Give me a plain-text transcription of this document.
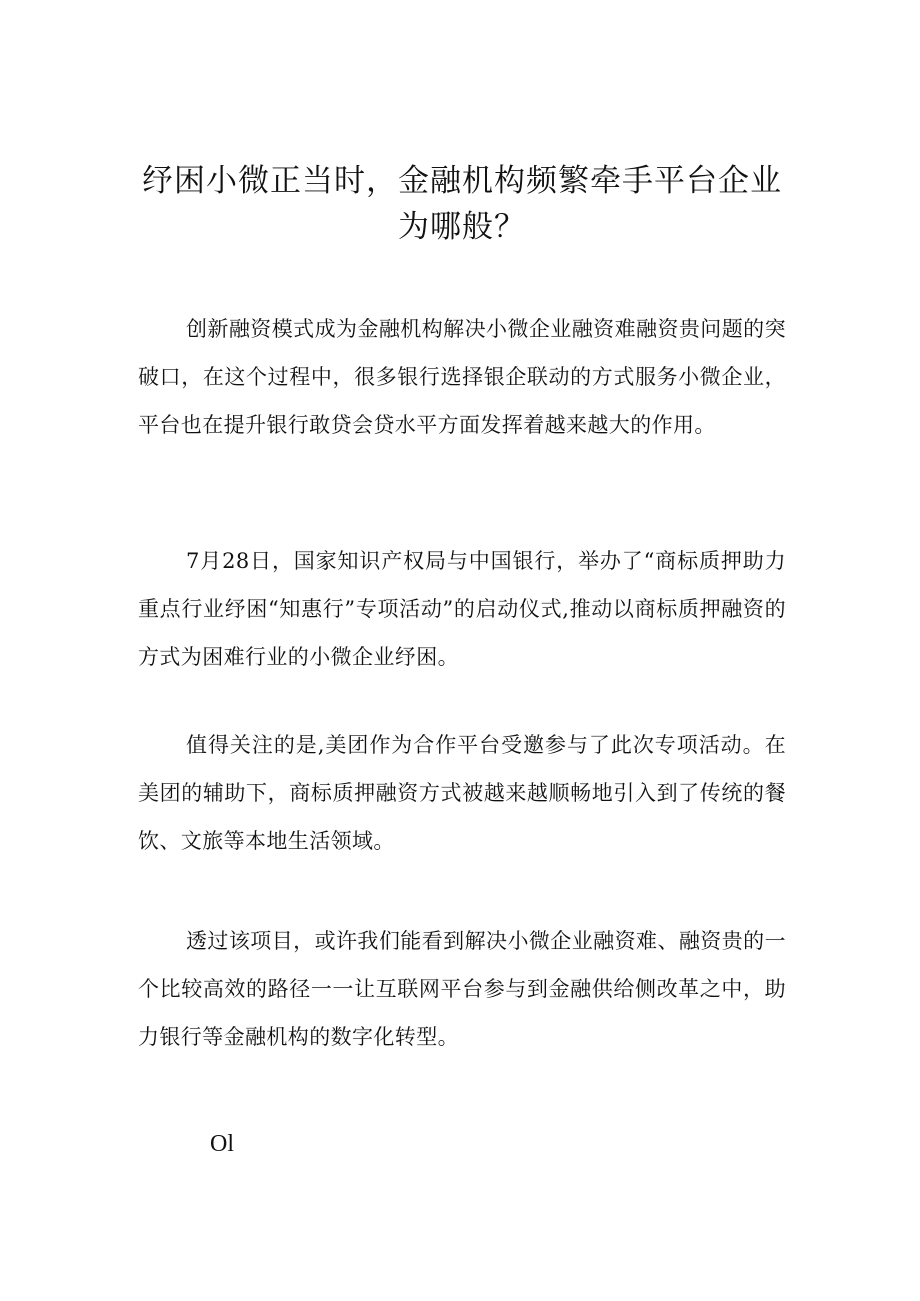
纾困小微正当时，金融机构频繁牵手平台企业为哪般？

创新融资模式成为金融机构解决小微企业融资难融资贵问题的突破口，在这个过程中，很多银行选择银企联动的方式服务小微企业，平台也在提升银行敢贷会贷水平方面发挥着越来越大的作用。

7月28日，国家知识产权局与中国银行，举办了“商标质押助力重点行业纾困“知惠行”专项活动”的启动仪式,推动以商标质押融资的方式为困难行业的小微企业纾困。

值得关注的是,美团作为合作平台受邀参与了此次专项活动。在美团的辅助下，商标质押融资方式被越来越顺畅地引入到了传统的餐饮、文旅等本地生活领域。

透过该项目，或许我们能看到解决小微企业融资难、融资贵的一个比较高效的路径一一让互联网平台参与到金融供给侧改革之中，助力银行等金融机构的数字化转型。

Ol
